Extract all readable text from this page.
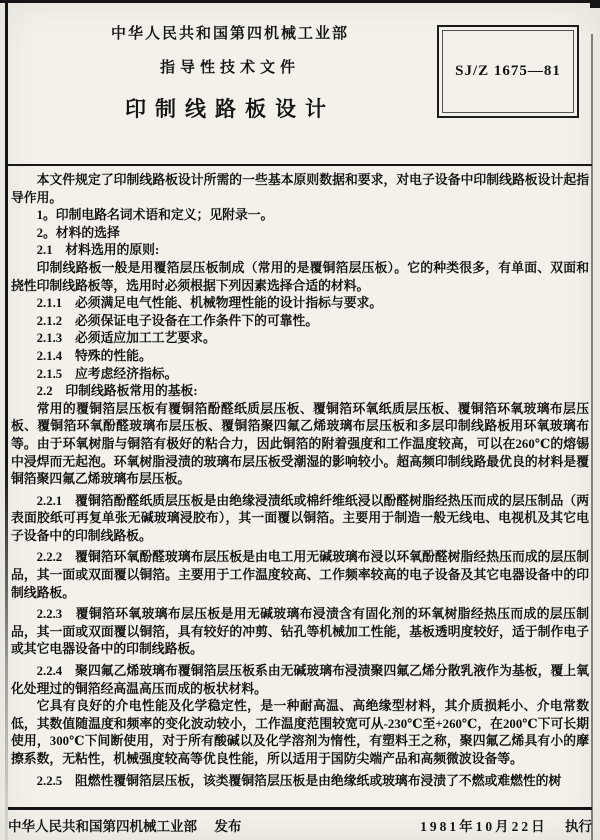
中华人民共和国第四机械工业部
指导性技术文件
印制线路板设计
SJ/Z 1675—81

本文件规定了印制线路板设计所需的一些基本原则数据和要求，对电子设备中印制线路板设计起指导作用。

1。印制电路名词术语和定义；见附录一。

2。材料的选择

2.1　材料选用的原则:

印制线路板一般是用覆箔层压板制成（常用的是覆铜箔层压板）。它的种类很多，有单面、双面和挠性印制线路板等，选用时必须根据下列因素选择合适的材料。

2.1.1　必须满足电气性能、机械物理性能的设计指标与要求。

2.1.2　必须保证电子设备在工作条件下的可靠性。

2.1.3　必须适应加工工艺要求。

2.1.4　特殊的性能。

2.1.5　应考虑经济指标。

2.2　印制线路板常用的基板:

常用的覆铜箔层压板有覆铜箔酚醛纸质层压板、覆铜箔环氧纸质层压板、覆铜箔环氧玻璃布层压板、覆铜箔环氧酚醛玻璃布层压板、覆铜箔聚四氟乙烯玻璃布层压板和多层印制线路板用环氧玻璃布等。由于环氧树脂与铜箔有极好的粘合力，因此铜箔的附着强度和工作温度较高，可以在260℃的熔锡中浸焊而无起泡。环氧树脂浸渍的玻璃布层压板受潮湿的影响较小。超高频印制线路最优良的材料是覆铜箔聚四氟乙烯玻璃布层压板。

2.2.1　覆铜箔酚醛纸质层压板是由绝缘浸渍纸或棉纤维纸浸以酚醛树脂经热压而成的层压制品（两表面胶纸可再复单张无碱玻璃浸胶布），其一面覆以铜箔。主要用于制造一般无线电、电视机及其它电子设备中的印制线路板。

2.2.2　覆铜箔环氧酚醛玻璃布层压板是由电工用无碱玻璃布浸以环氧酚醛树脂经热压而成的层压制品，其一面或双面覆以铜箔。主要用于工作温度较高、工作频率较高的电子设备及其它电器设备中的印制线路板。

2.2.3　覆铜箔环氧玻璃布层压板是用无碱玻璃布浸渍含有固化剂的环氧树脂经热压而成的层压制品，其一面或双面覆以铜箔，具有较好的冲剪、钻孔等机械加工性能，基板透明度较好，适于制作电子或其它电器设备中的印制线路板。

2.2.4　聚四氟乙烯玻璃布覆铜箔层压板系由无碱玻璃布浸渍聚四氟乙烯分散乳液作为基板，覆上氧化处理过的铜箔经高温高压而成的板状材料。

它具有良好的介电性能及化学稳定性，是一种耐高温、高绝缘型材料，其介质损耗小、介电常数低，其数值随温度和频率的变化波动较小，工作温度范围较宽可从-230℃至+260℃，在200℃下可长期使用，300℃下间断使用，对于所有酸碱以及化学溶剂为惰性，有塑料王之称，聚四氟乙烯具有小的摩擦系数，无粘性，机械强度较高等优良性能，所以适用于国防尖端产品和高频微波设备等。

2.2.5　阻燃性覆铜箔层压板，该类覆铜箔层压板是由绝缘纸或玻璃布浸渍了不燃或难燃性的树

中华人民共和国第四机械工业部 发布	1981年10月22日 执行
